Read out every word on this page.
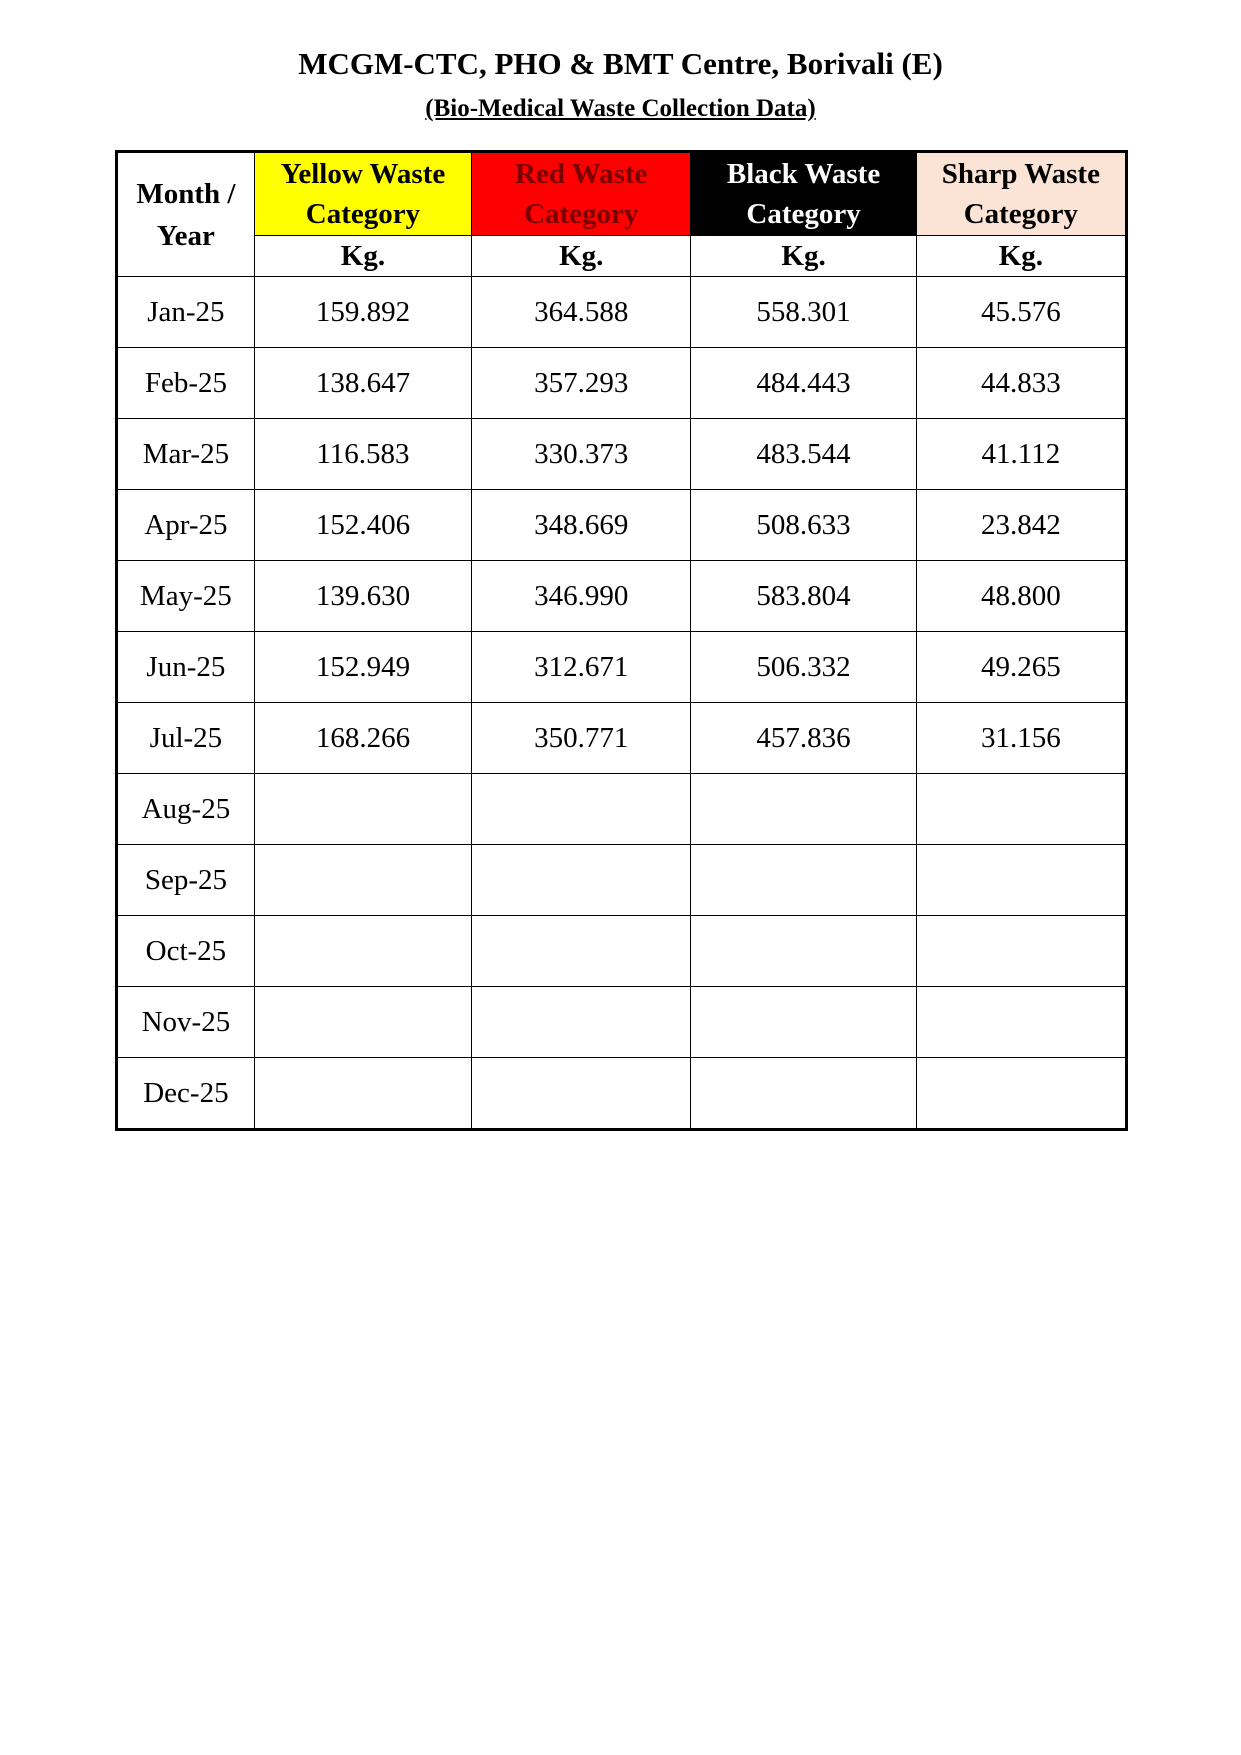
MCGM-CTC, PHO & BMT Centre, Borivali (E)
(Bio-Medical Waste Collection Data)
Month / Year	Yellow Waste Category	Red Waste Category	Black Waste Category	Sharp Waste Category
	Kg.	Kg.	Kg.	Kg.
Jan-25	159.892	364.588	558.301	45.576
Feb-25	138.647	357.293	484.443	44.833
Mar-25	116.583	330.373	483.544	41.112
Apr-25	152.406	348.669	508.633	23.842
May-25	139.630	346.990	583.804	48.800
Jun-25	152.949	312.671	506.332	49.265
Jul-25	168.266	350.771	457.836	31.156
Aug-25				
Sep-25				
Oct-25				
Nov-25				
Dec-25				
